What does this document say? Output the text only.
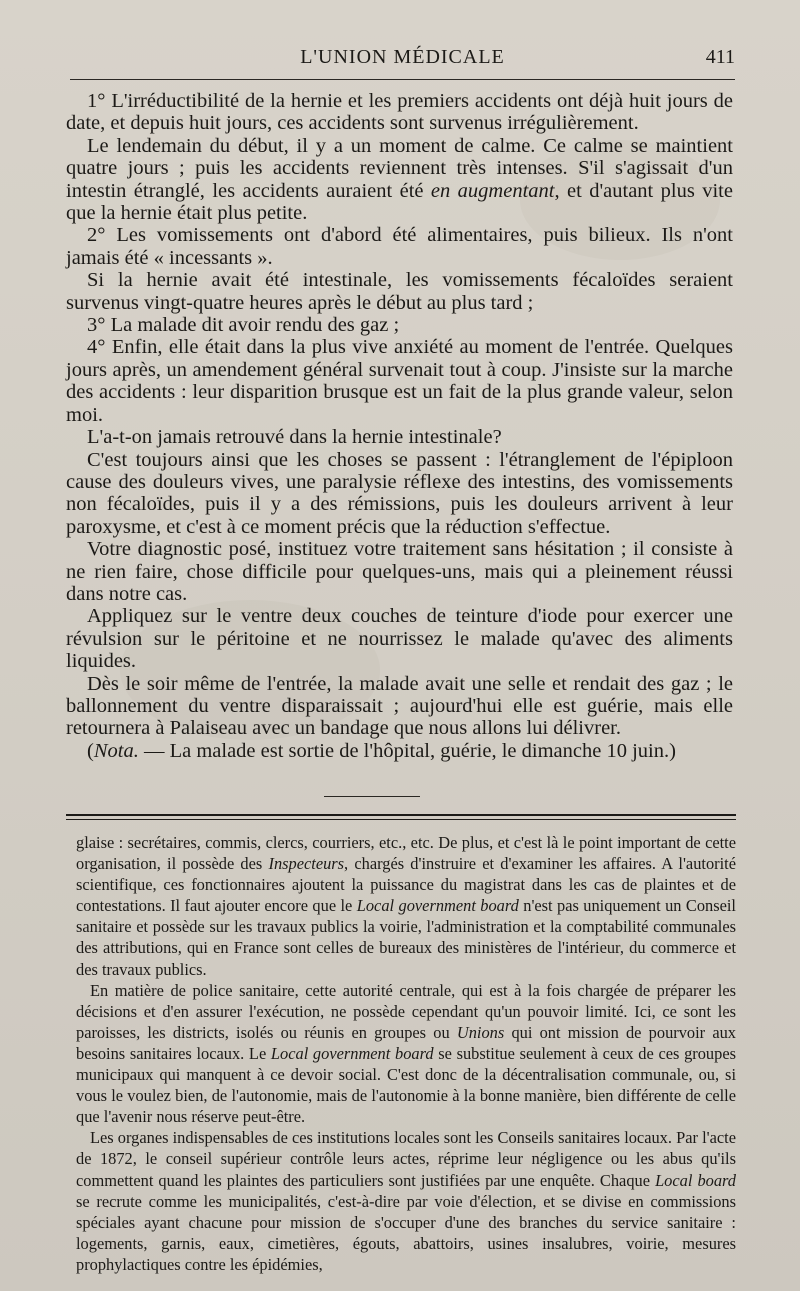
L'UNION MÉDICALE	411

1° L'irréductibilité de la hernie et les premiers accidents ont déjà huit jours de date, et depuis huit jours, ces accidents sont survenus irrégulièrement.

Le lendemain du début, il y a un moment de calme. Ce calme se maintient quatre jours ; puis les accidents reviennent très intenses. S'il s'agissait d'un intestin étranglé, les accidents auraient été en augmentant, et d'autant plus vite que la hernie était plus petite.

2° Les vomissements ont d'abord été alimentaires, puis bilieux. Ils n'ont jamais été « incessants ».

Si la hernie avait été intestinale, les vomissements fécaloïdes seraient survenus vingt-quatre heures après le début au plus tard ;

3° La malade dit avoir rendu des gaz ;

4° Enfin, elle était dans la plus vive anxiété au moment de l'entrée. Quelques jours après, un amendement général survenait tout à coup. J'insiste sur la marche des accidents : leur disparition brusque est un fait de la plus grande valeur, selon moi.

L'a-t-on jamais retrouvé dans la hernie intestinale?

C'est toujours ainsi que les choses se passent : l'étranglement de l'épiploon cause des douleurs vives, une paralysie réflexe des intestins, des vomissements non fécaloïdes, puis il y a des rémissions, puis les douleurs arrivent à leur paroxysme, et c'est à ce moment précis que la réduction s'effectue.

Votre diagnostic posé, instituez votre traitement sans hésitation ; il consiste à ne rien faire, chose difficile pour quelques-uns, mais qui a pleinement réussi dans notre cas.

Appliquez sur le ventre deux couches de teinture d'iode pour exercer une révulsion sur le péritoine et ne nourrissez le malade qu'avec des aliments liquides.

Dès le soir même de l'entrée, la malade avait une selle et rendait des gaz ; le ballonnement du ventre disparaissait ; aujourd'hui elle est guérie, mais elle retournera à Palaiseau avec un bandage que nous allons lui délivrer.

(Nota. — La malade est sortie de l'hôpital, guérie, le dimanche 10 juin.)

glaise : secrétaires, commis, clercs, courriers, etc., etc. De plus, et c'est là le point important de cette organisation, il possède des Inspecteurs, chargés d'instruire et d'examiner les affaires. A l'autorité scientifique, ces fonctionnaires ajoutent la puissance du magistrat dans les cas de plaintes et de contestations. Il faut ajouter encore que le Local government board n'est pas uniquement un Conseil sanitaire et possède sur les travaux publics la voirie, l'administration et la comptabilité communales des attributions, qui en France sont celles de bureaux des ministères de l'intérieur, du commerce et des travaux publics.

En matière de police sanitaire, cette autorité centrale, qui est à la fois chargée de préparer les décisions et d'en assurer l'exécution, ne possède cependant qu'un pouvoir limité. Ici, ce sont les paroisses, les districts, isolés ou réunis en groupes ou Unions qui ont mission de pourvoir aux besoins sanitaires locaux. Le Local government board se substitue seulement à ceux de ces groupes municipaux qui manquent à ce devoir social. C'est donc de la décentralisation communale, ou, si vous le voulez bien, de l'autonomie, mais de l'autonomie à la bonne manière, bien différente de celle que l'avenir nous réserve peut-être.

Les organes indispensables de ces institutions locales sont les Conseils sanitaires locaux. Par l'acte de 1872, le conseil supérieur contrôle leurs actes, réprime leur négligence ou les abus qu'ils commettent quand les plaintes des particuliers sont justifiées par une enquête. Chaque Local board se recrute comme les municipalités, c'est-à-dire par voie d'élection, et se divise en commissions spéciales ayant chacune pour mission de s'occuper d'une des branches du service sanitaire : logements, garnis, eaux, cimetières, égouts, abattoirs, usines insalubres, voirie, mesures prophylactiques contre les épidémies,
